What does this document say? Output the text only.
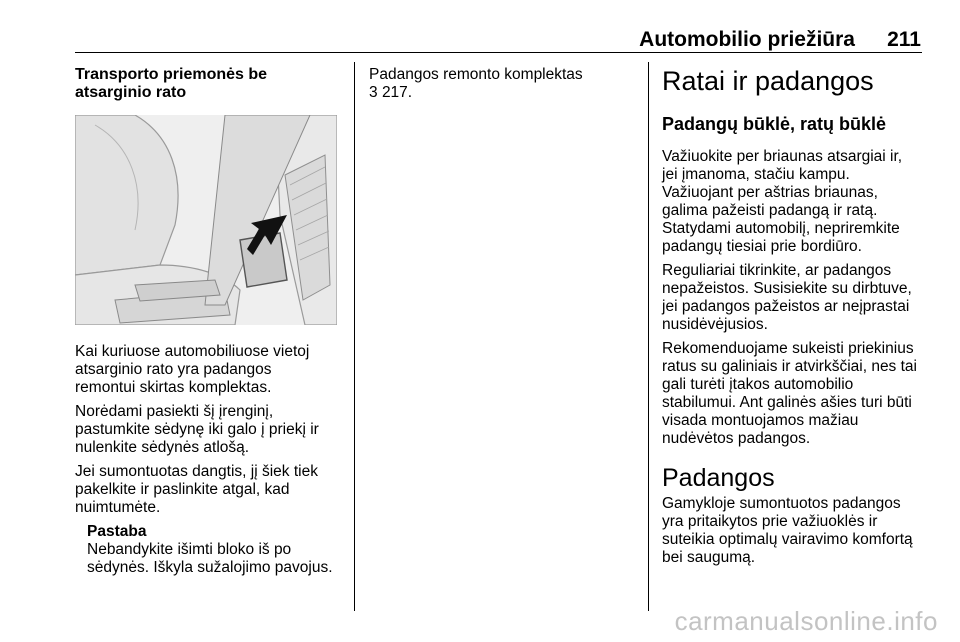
Automobilio priežiūra 211
Transporto priemonės be
atsarginio rato

Kai kuriuose automobiliuose vietoj
atsarginio rato yra padangos
remontui skirtas komplektas.

Norėdami pasiekti šį įrenginį,
pastumkite sėdynę iki galo į priekį ir
nulenkite sėdynės atlošą.

Jei sumontuotas dangtis, jį šiek tiek
pakelkite ir paslinkite atgal, kad
nuimtumėte.

Pastaba

Nebandykite išimti bloko iš po
sėdynės. Iškyla sužalojimo pavojus.

Padangos remonto komplektas
3 217.	Ratai ir padangos
Padangų būklė, ratų būklė

Važiuokite per briaunas atsargiai ir,
jei įmanoma, stačiu kampu.
Važiuojant per aštrias briaunas,
galima pažeisti padangą ir ratą.
Statydami automobilį, nepriremkite
padangų tiesiai prie bordiūro.

Reguliariai tikrinkite, ar padangos
nepažeistos. Susisiekite su dirbtuve,
jei padangos pažeistos ar neįprastai
nusidėvėjusios.

Rekomenduojame sukeisti priekinius
ratus su galiniais ir atvirkščiai, nes tai
gali turėti įtakos automobilio
stabilumui. Ant galinės ašies turi būti
visada montuojamos mažiau
nudėvėtos padangos.

Padangos

Gamykloje sumontuotos padangos
yra pritaikytos prie važiuoklės ir
suteikia optimalų vairavimo komfortą
bei saugumą.

carmanualsonline.info
